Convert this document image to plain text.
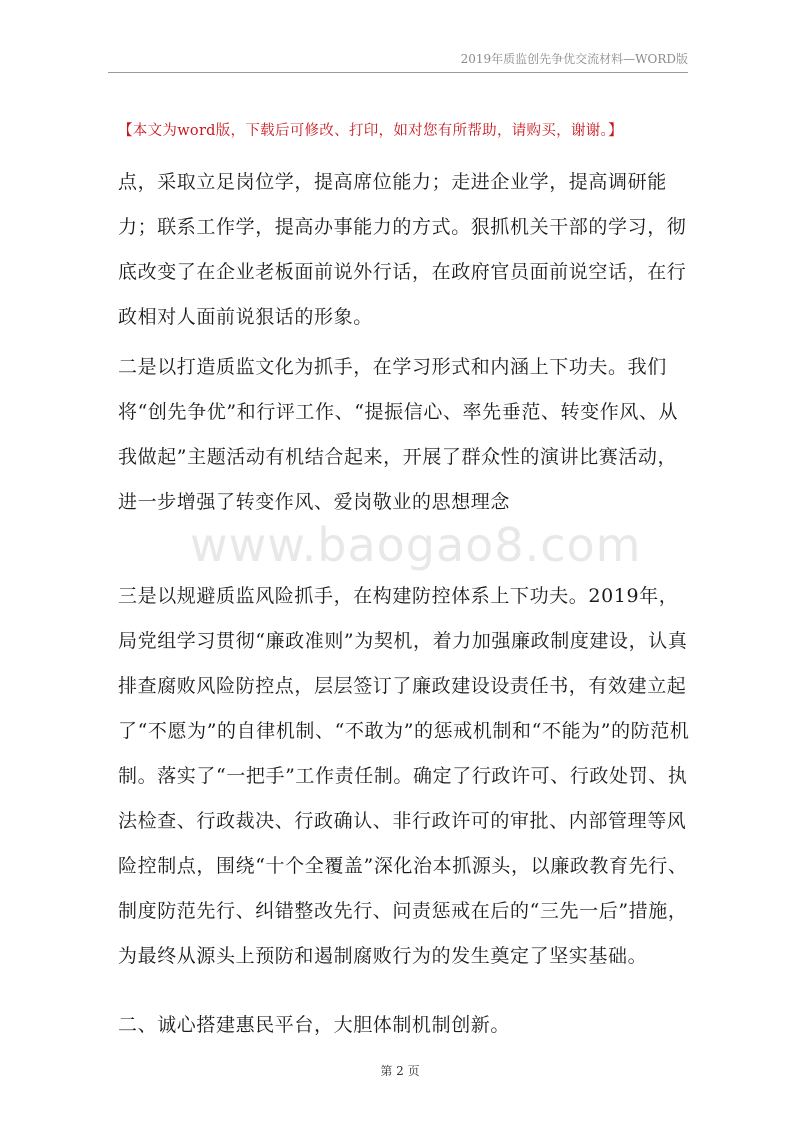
2019年质监创先争优交流材料—WORD版
【本文为word版，下载后可修改、打印，如对您有所帮助，请购买，谢谢。】
点，采取立足岗位学，提高席位能力；走进企业学，提高调研能力；联系工作学，提高办事能力的方式。狠抓机关干部的学习，彻底改变了在企业老板面前说外行话，在政府官员面前说空话，在行政相对人面前说狠话的形象。
二是以打造质监文化为抓手，在学习形式和内涵上下功夫。我们将“创先争优”和行评工作、“提振信心、率先垂范、转变作风、从我做起”主题活动有机结合起来，开展了群众性的演讲比赛活动，进一步增强了转变作风、爱岗敬业的思想理念
www.baogao8.com
三是以规避质监风险抓手，在构建防控体系上下功夫。2019年，局党组学习贯彻“廉政准则”为契机，着力加强廉政制度建设，认真排查腐败风险防控点，层层签订了廉政建设设责任书，有效建立起了“不愿为”的自律机制、“不敢为”的惩戒机制和“不能为”的防范机制。落实了“一把手”工作责任制。确定了行政许可、行政处罚、执法检查、行政裁决、行政确认、非行政许可的审批、内部管理等风险控制点，围绕“十个全覆盖”深化治本抓源头，以廉政教育先行、制度防范先行、纠错整改先行、问责惩戒在后的“三先一后”措施，为最终从源头上预防和遏制腐败行为的发生奠定了坚实基础。
二、诚心搭建惠民平台，大胆体制机制创新。
第 2 页
